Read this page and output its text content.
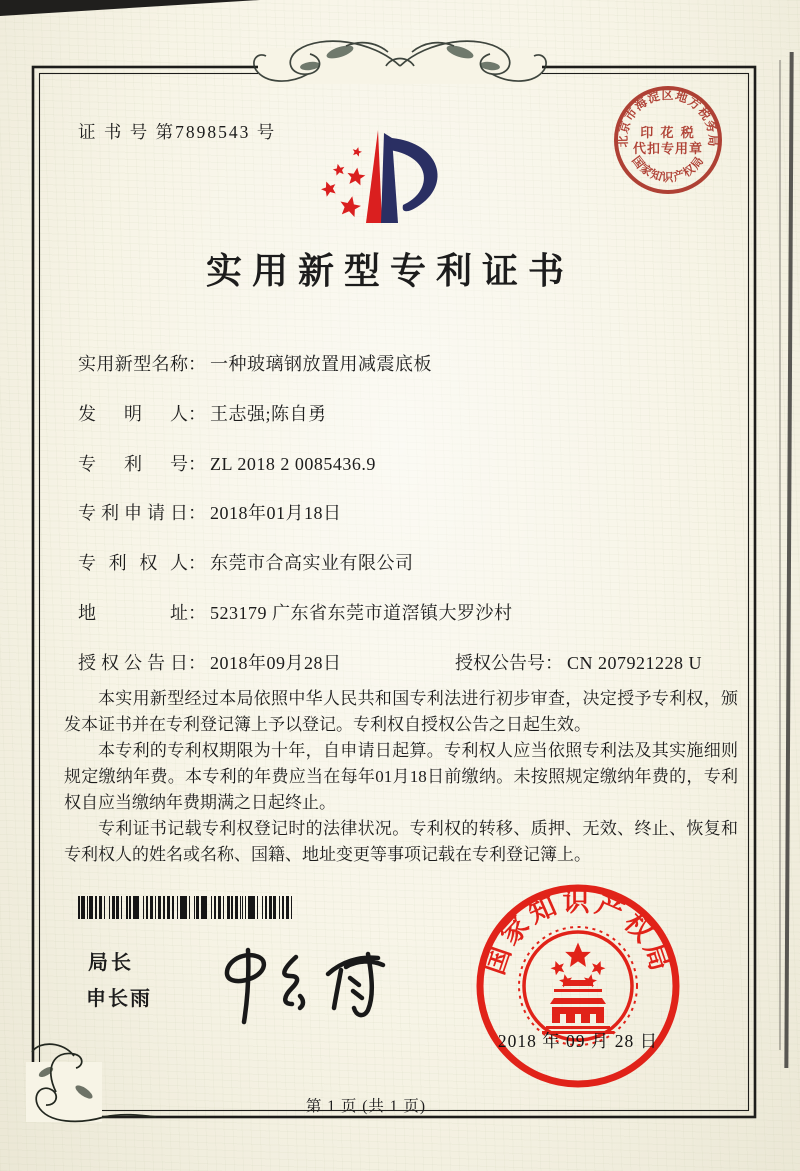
证 书 号 第7898543 号	北京市海淀区地方税务局
印 花 税
代扣专用章
国家知识产权局
实用新型专利证书
实用新型名称： 一种玻璃钢放置用减震底板
发明人： 王志强;陈自勇
专利号： ZL 2018 2 0085436.9
专利申请日： 2018年01月18日
专利权人： 东莞市合高实业有限公司
地址： 523179 广东省东莞市道滘镇大罗沙村
授权公告日： 2018年09月28日	授权公告号： CN 207921228 U

本实用新型经过本局依照中华人民共和国专利法进行初步审查，决定授予专利权，颁发本证书并在专利登记簿上予以登记。专利权自授权公告之日起生效。

本专利的专利权期限为十年，自申请日起算。专利权人应当依照专利法及其实施细则规定缴纳年费。本专利的年费应当在每年01月18日前缴纳。未按照规定缴纳年费的，专利权自应当缴纳年费期满之日起终止。

专利证书记载专利权登记时的法律状况。专利权的转移、质押、无效、终止、恢复和专利权人的姓名或名称、国籍、地址变更等事项记载在专利登记簿上。

局长
申长雨
国家知识产权局
2018 年 09 月 28 日
第 1 页 (共 1 页)
